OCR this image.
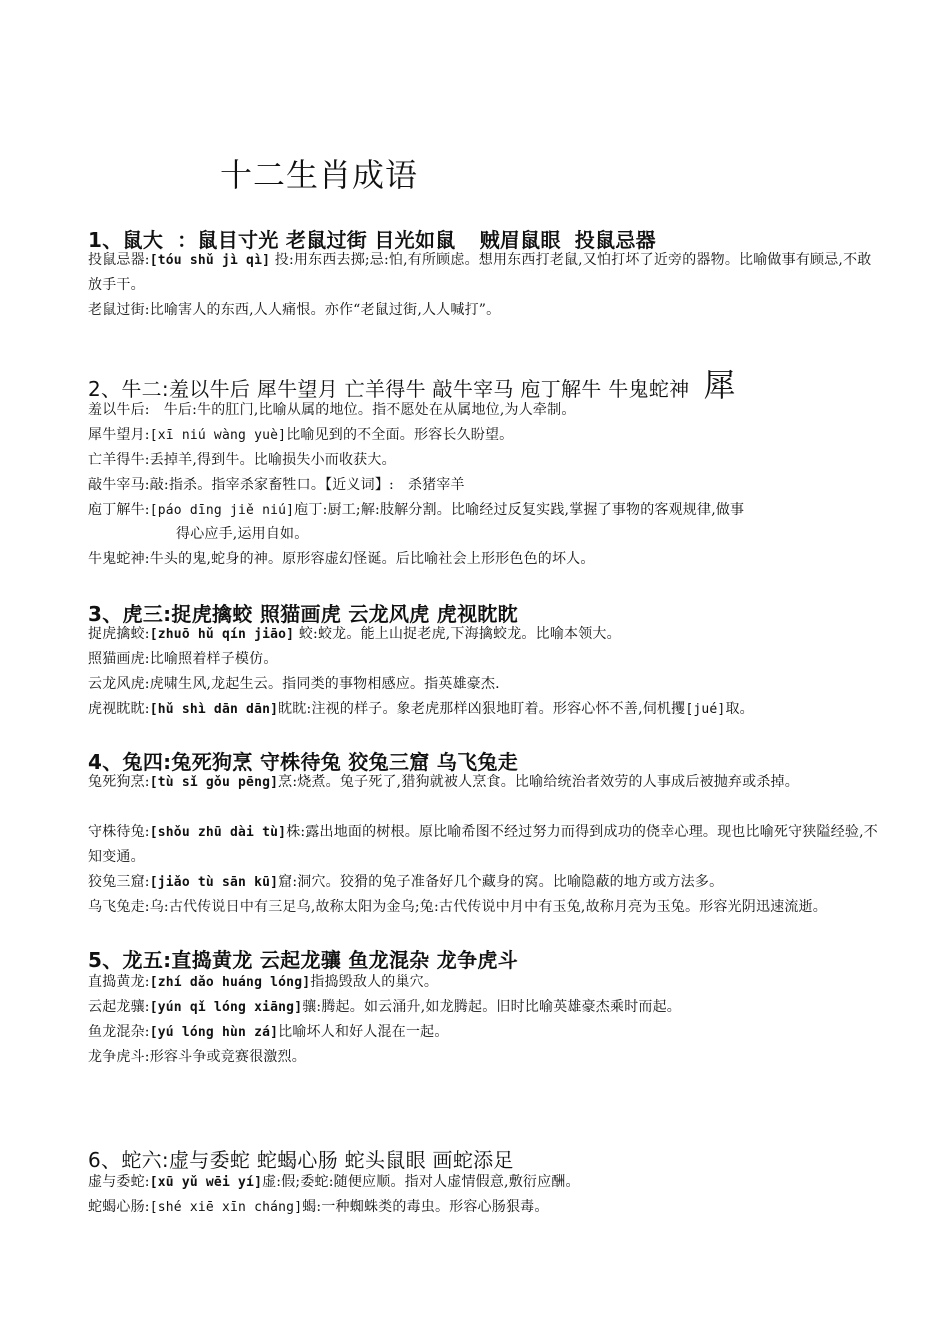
十二生肖成语
1、鼠大 ：鼠目寸光 老鼠过街 目光如鼠 贼眉鼠眼 投鼠忌器
投鼠忌器:[tóu shǔ jì qì] 投:用东西去掷;忌:怕,有所顾虑。想用东西打老鼠,又怕打坏了近旁的器物。比喻做事有顾忌,不敢放手干。
老鼠过街:比喻害人的东西,人人痛恨。亦作“老鼠过街,人人喊打”。
2、牛二:羞以牛后 犀牛望月 亡羊得牛 敲牛宰马 庖丁解牛 牛鬼蛇神 犀
羞以牛后: 牛后:牛的肛门,比喻从属的地位。指不愿处在从属地位,为人牵制。
犀牛望月:[xī niú wàng yuè]比喻见到的不全面。形容长久盼望。
亡羊得牛:丢掉羊,得到牛。比喻损失小而收获大。
敲牛宰马:敲:指杀。指宰杀家畜牲口。【近义词】: 杀猪宰羊
庖丁解牛:[páo dīng jiě niú]庖丁:厨工;解:肢解分割。比喻经过反复实践,掌握了事物的客观规律,做事
得心应手,运用自如。
牛鬼蛇神:牛头的鬼,蛇身的神。原形容虚幻怪诞。后比喻社会上形形色色的坏人。
3、虎三:捉虎擒蛟 照猫画虎 云龙风虎 虎视眈眈
捉虎擒蛟:[zhuō hǔ qín jiāo] 蛟:蛟龙。能上山捉老虎,下海擒蛟龙。比喻本领大。
照猫画虎:比喻照着样子模仿。
云龙风虎:虎啸生风,龙起生云。指同类的事物相感应。指英雄豪杰.
虎视眈眈:[hǔ shì dān dān]眈眈:注视的样子。象老虎那样凶狠地盯着。形容心怀不善,伺机攫[jué]取。
4、兔四:兔死狗烹 守株待兔 狡兔三窟 乌飞兔走
兔死狗烹:[tù sǐ gǒu pēng]烹:烧煮。兔子死了,猎狗就被人烹食。比喻给统治者效劳的人事成后被抛弃或杀掉。
守株待兔:[shǒu zhū dài tù]株:露出地面的树根。原比喻希图不经过努力而得到成功的侥幸心理。现也比喻死守狭隘经验,不知变通。
狡兔三窟:[jiǎo tù sān kū]窟:洞穴。狡猾的兔子准备好几个藏身的窝。比喻隐蔽的地方或方法多。
乌飞兔走:乌:古代传说日中有三足乌,故称太阳为金乌;兔:古代传说中月中有玉兔,故称月亮为玉兔。形容光阴迅速流逝。
5、龙五:直捣黄龙 云起龙骧 鱼龙混杂 龙争虎斗
直捣黄龙:[zhí dǎo huáng lóng]指捣毁敌人的巢穴。
云起龙骧:[yún qǐ lóng xiāng]骧:腾起。如云涌升,如龙腾起。旧时比喻英雄豪杰乘时而起。
鱼龙混杂:[yú lóng hùn zá]比喻坏人和好人混在一起。
龙争虎斗:形容斗争或竞赛很激烈。
6、蛇六:虚与委蛇 蛇蝎心肠 蛇头鼠眼 画蛇添足
虚与委蛇:[xū yǔ wēi yí]虚:假;委蛇:随便应顺。指对人虚情假意,敷衍应酬。
蛇蝎心肠:[shé xiē xīn cháng]蝎:一种蜘蛛类的毒虫。形容心肠狠毒。
